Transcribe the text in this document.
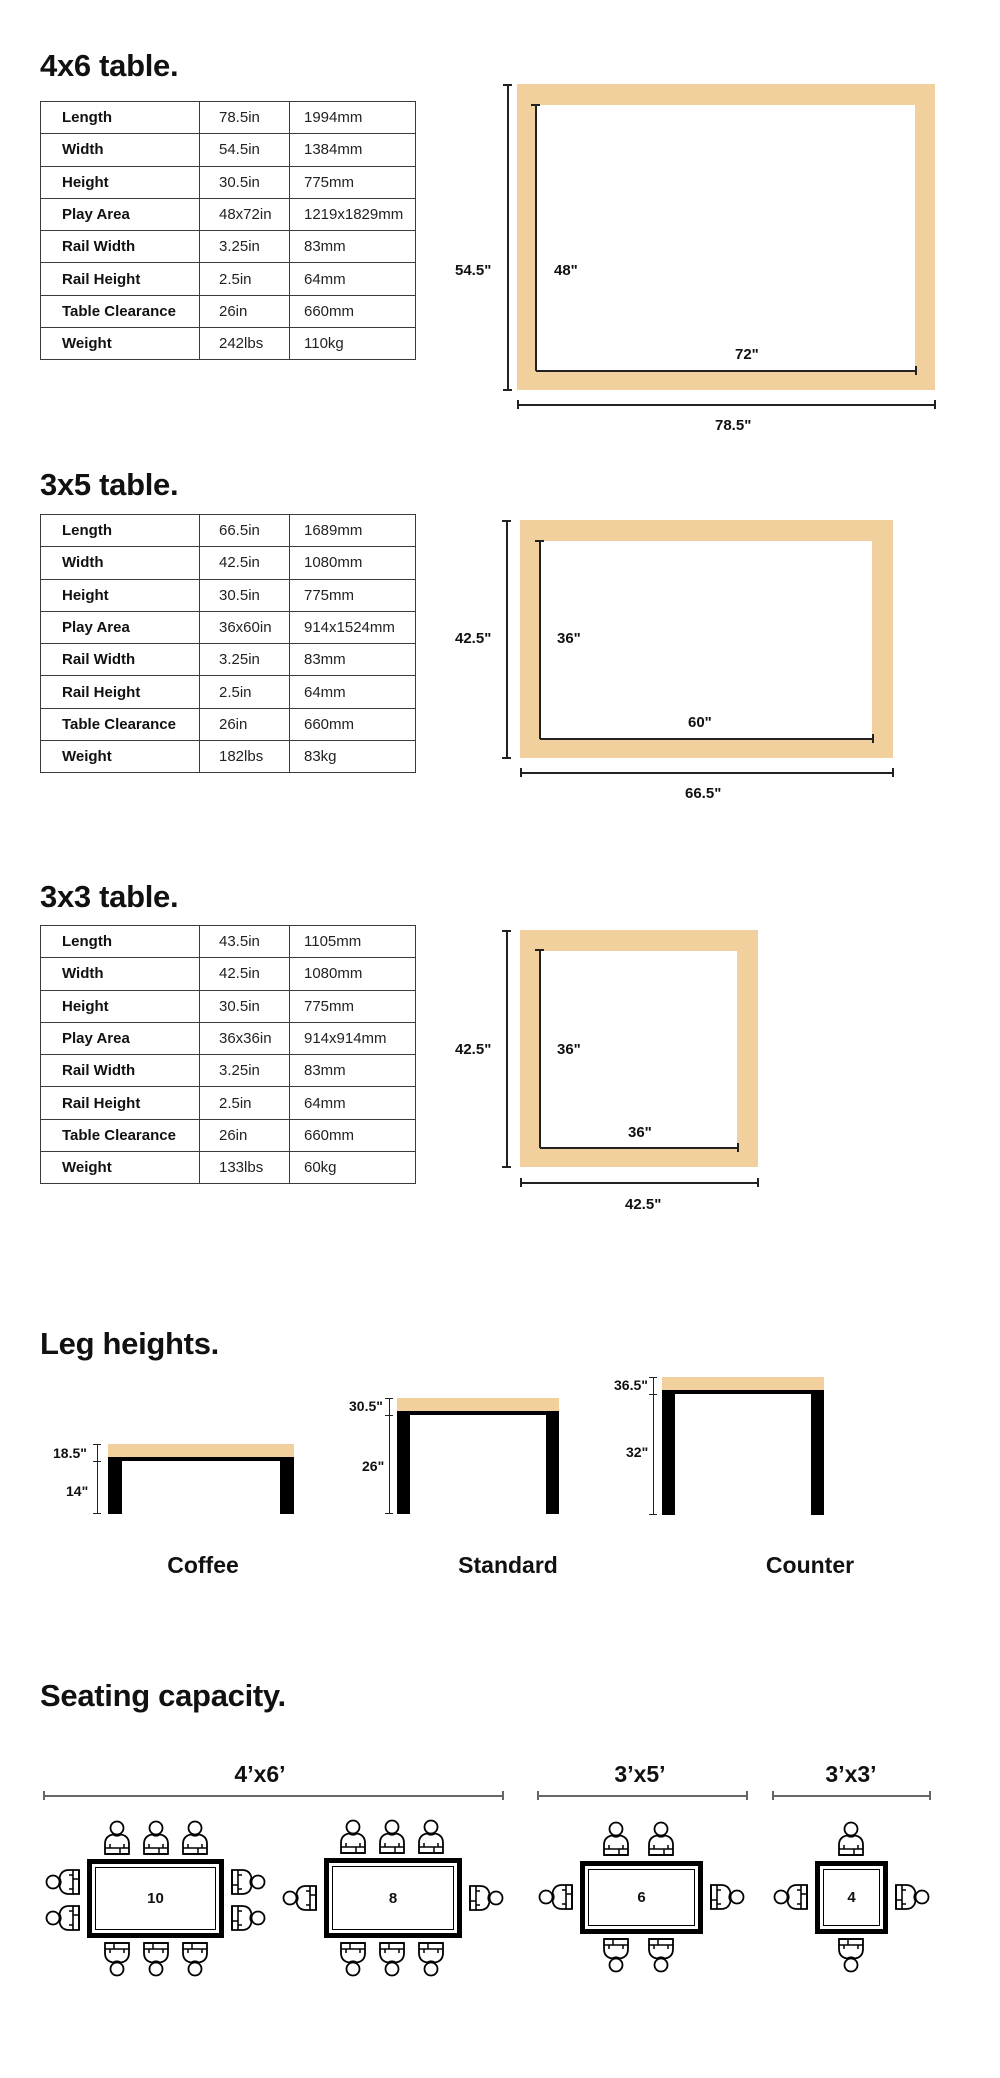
4x6 table.
Length	78.5in	1994mm
Width	54.5in	1384mm
Height	30.5in	775mm
Play Area	48x72in	1219x1829mm
Rail Width	3.25in	83mm
Rail Height	2.5in	64mm
Table Clearance	26in	660mm
Weight	242lbs	110kg
54.5"
78.5"
48"
72"
3x5 table.
Length	66.5in	1689mm
Width	42.5in	1080mm
Height	30.5in	775mm
Play Area	36x60in	914x1524mm
Rail Width	3.25in	83mm
Rail Height	2.5in	64mm
Table Clearance	26in	660mm
Weight	182lbs	83kg
42.5"
66.5"
36"
60"
3x3 table.
Length	43.5in	1105mm
Width	42.5in	1080mm
Height	30.5in	775mm
Play Area	36x36in	914x914mm
Rail Width	3.25in	83mm
Rail Height	2.5in	64mm
Table Clearance	26in	660mm
Weight	133lbs	60kg
42.5"
42.5"
36"
36"
Leg heights.
18.5"
14"
Coffee
30.5"
26"
Standard
36.5"
32"
Counter
Seating capacity.
4’x6’
10	8
3’x5’
6
3’x3’
4
